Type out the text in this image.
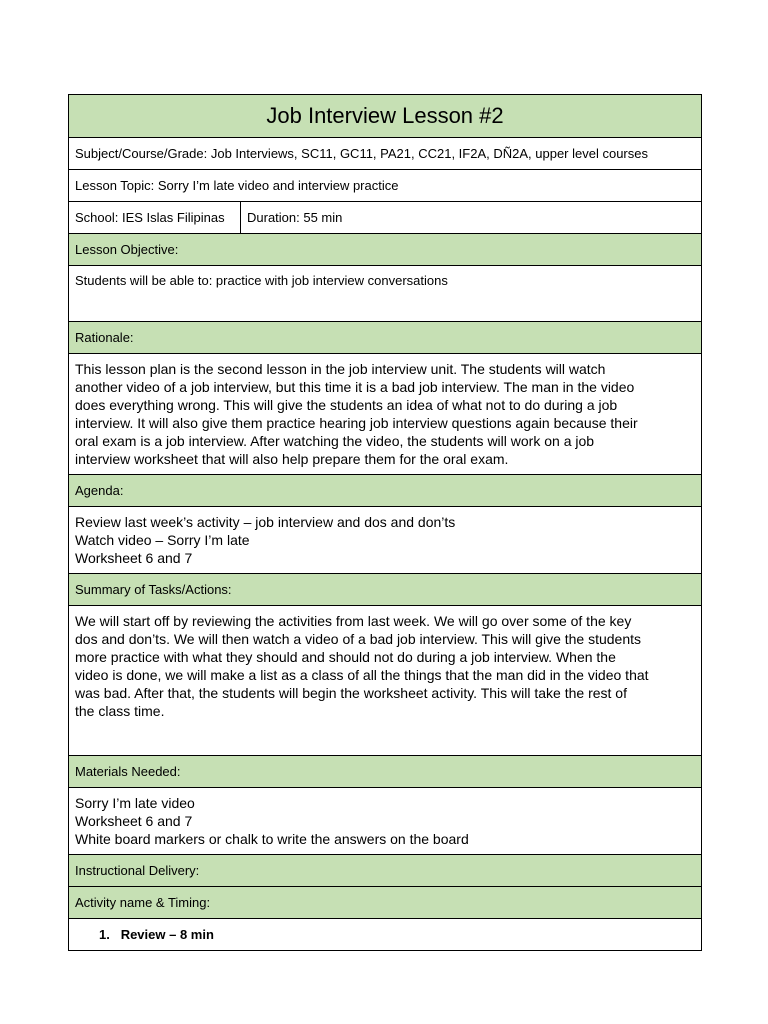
Job Interview Lesson #2
Subject/Course/Grade: Job Interviews, SC11, GC11, PA21, CC21, IF2A, DÑ2A, upper level courses
Lesson Topic: Sorry I’m late video and interview practice
School: IES Islas Filipinas	Duration: 55 min
Lesson Objective:
Students will be able to: practice with job interview conversations
Rationale:

This lesson plan is the second lesson in the job interview unit. The students will watch
another video of a job interview, but this time it is a bad job interview. The man in the video
does everything wrong. This will give the students an idea of what not to do during a job
interview. It will also give them practice hearing job interview questions again because their
oral exam is a job interview. After watching the video, the students will work on a job
interview worksheet that will also help prepare them for the oral exam.

Agenda:

Review last week’s activity – job interview and dos and don’ts
Watch video – Sorry I’m late
Worksheet 6 and 7

Summary of Tasks/Actions:

We will start off by reviewing the activities from last week. We will go over some of the key
dos and don’ts. We will then watch a video of a bad job interview. This will give the students
more practice with what they should and should not do during a job interview. When the
video is done, we will make a list as a class of all the things that the man did in the video that
was bad. After that, the students will begin the worksheet activity. This will take the rest of
the class time.

Materials Needed:

Sorry I’m late video
Worksheet 6 and 7
White board markers or chalk to write the answers on the board

Instructional Delivery:
Activity name & Timing:
1. Review – 8 min
